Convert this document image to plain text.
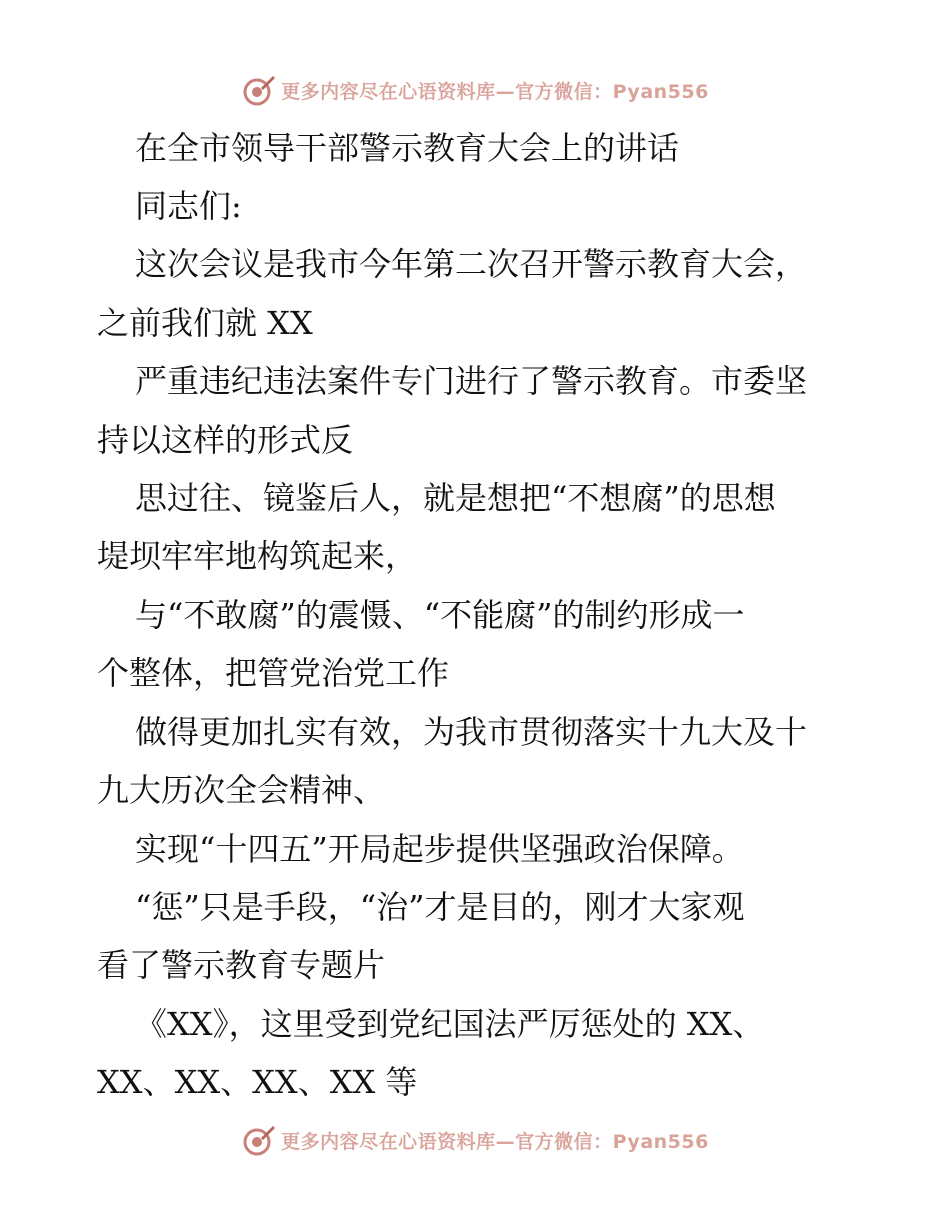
更多内容尽在心语资料库—官方微信：Pyan556
在全市领导干部警示教育大会上的讲话
同志们:
这次会议是我市今年第二次召开警示教育大会，
之前我们就 XX
严重违纪违法案件专门进行了警示教育。市委坚
持以这样的形式反
思过往、镜鉴后人，就是想把“不想腐”的思想
堤坝牢牢地构筑起来，
与“不敢腐”的震慑、“不能腐”的制约形成一
个整体，把管党治党工作
做得更加扎实有效，为我市贯彻落实十九大及十
九大历次全会精神、
实现“十四五”开局起步提供坚强政治保障。
“惩”只是手段，“治”才是目的，刚才大家观
看了警示教育专题片
《XX》，这里受到党纪国法严厉惩处的 XX、
XX、XX、XX、XX 等
更多内容尽在心语资料库—官方微信：Pyan556
